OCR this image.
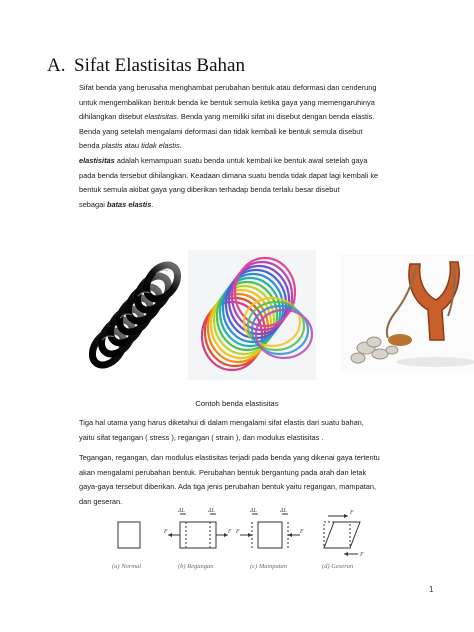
A. Sifat Elastisitas Bahan

Sifat benda yang berusaha menghambat perubahan bentuk atau deformasi dan cenderung
untuk mengembalikan bentuk benda ke bentuk semula ketika gaya yang memengaruhinya
dihilangkan disebut elastisitas. Benda yang memiliki sifat ini disebut dengan benda elastis.
Benda yang setelah mengalami deformasi dan tidak kembali ke bentuk semula disebut
benda plastis atau tidak elastis.

elastisitas adalah kemampuan suatu benda untuk kembali ke bentuk awal setelah gaya
pada benda tersebut dihilangkan. Keadaan dimana suatu benda tidak dapat lagi kembali ke
bentuk semula akibat gaya yang diberikan terhadap benda terlalu besar disebut
sebagai batas elastis.

Contoh benda elastisitas

Tiga hal utama yang harus diketahui di dalam mengalami sifat elastis dari suatu bahan,
yaitu sifat tegangan ( stress ), regangan ( strain ), dan modulus elastisitas .

Tegangan, regangan, dan modulus elastisitas terjadi pada benda yang dikenai gaya tertentu
akan mengalami perubahan bentuk. Perubahan bentuk bergantung pada arah dan letak
gaya-gaya tersebut diberikan. Ada tiga jenis perubahan bentuk yaitu regangan, mampatan,
dan geseran.

ΔL	ΔL	ΔL	ΔL
F	F F	F
F
F
(a) Normal	(b) Regangan	(c) Mampatan	(d) Geseran
1
